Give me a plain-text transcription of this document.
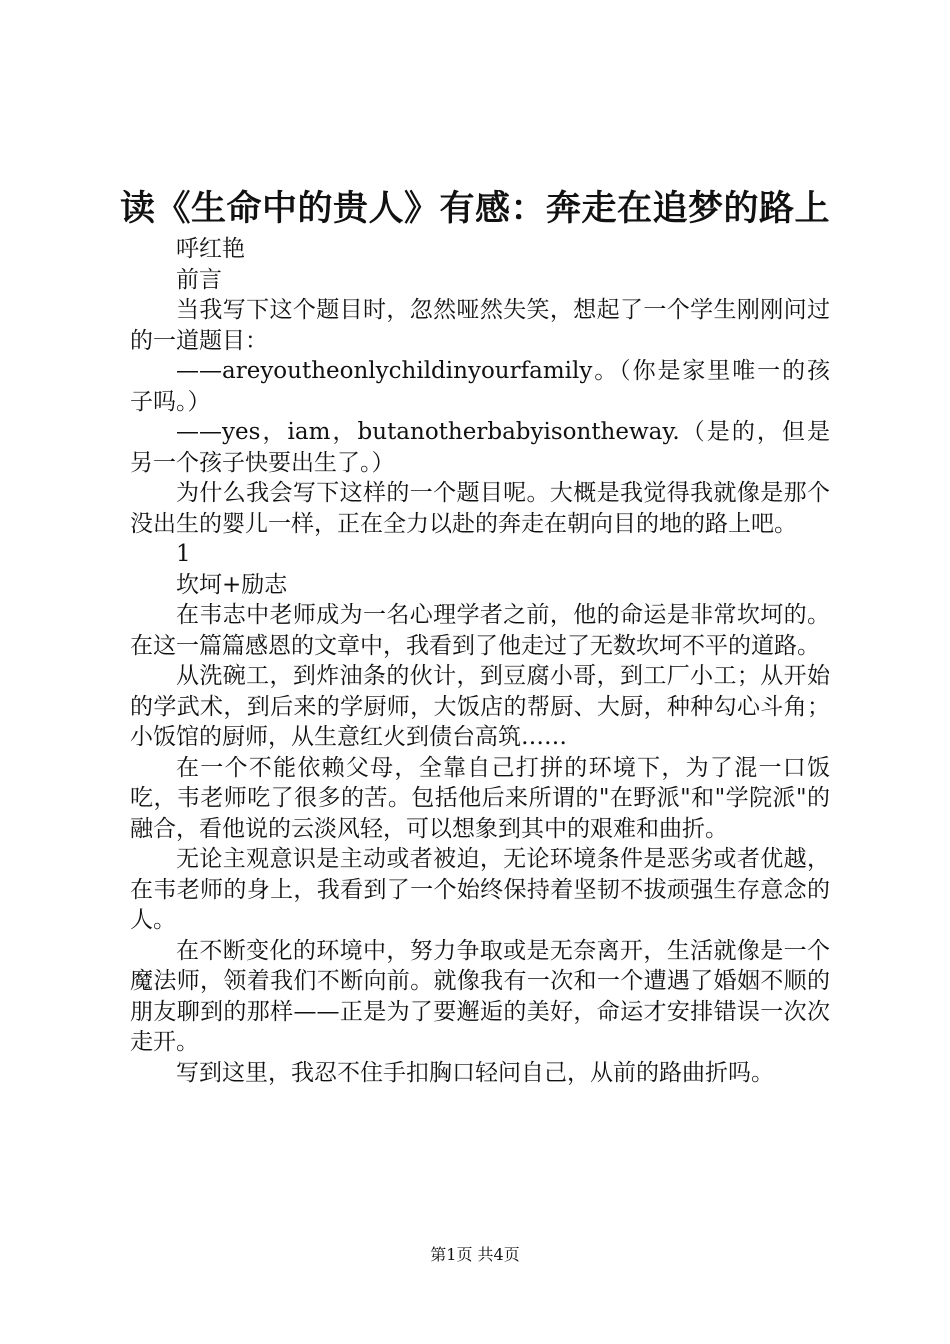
读《生命中的贵人》有感：奔走在追梦的路上

呼红艳

前言

当我写下这个题目时，忽然哑然失笑，想起了一个学生刚刚问过的一道题目：

——areyoutheonlychildinyourfamily。（你是家里唯一的孩子吗。）

——yes，iam，butanotherbabyisontheway.（是的，但是另一个孩子快要出生了。）

为什么我会写下这样的一个题目呢。大概是我觉得我就像是那个没出生的婴儿一样，正在全力以赴的奔走在朝向目的地的路上吧。

1

坎坷+励志

在韦志中老师成为一名心理学者之前，他的命运是非常坎坷的。在这一篇篇感恩的文章中，我看到了他走过了无数坎坷不平的道路。

从洗碗工，到炸油条的伙计，到豆腐小哥，到工厂小工；从开始的学武术，到后来的学厨师，大饭店的帮厨、大厨，种种勾心斗角；小饭馆的厨师，从生意红火到债台高筑……

在一个不能依赖父母，全靠自己打拼的环境下，为了混一口饭吃，韦老师吃了很多的苦。包括他后来所谓的"在野派"和"学院派"的融合，看他说的云淡风轻，可以想象到其中的艰难和曲折。

无论主观意识是主动或者被迫，无论环境条件是恶劣或者优越，在韦老师的身上，我看到了一个始终保持着坚韧不拔顽强生存意念的人。

在不断变化的环境中，努力争取或是无奈离开，生活就像是一个魔法师，领着我们不断向前。就像我有一次和一个遭遇了婚姻不顺的朋友聊到的那样——正是为了要邂逅的美好，命运才安排错误一次次走开。

写到这里，我忍不住手扣胸口轻问自己，从前的路曲折吗。

第1页 共4页
